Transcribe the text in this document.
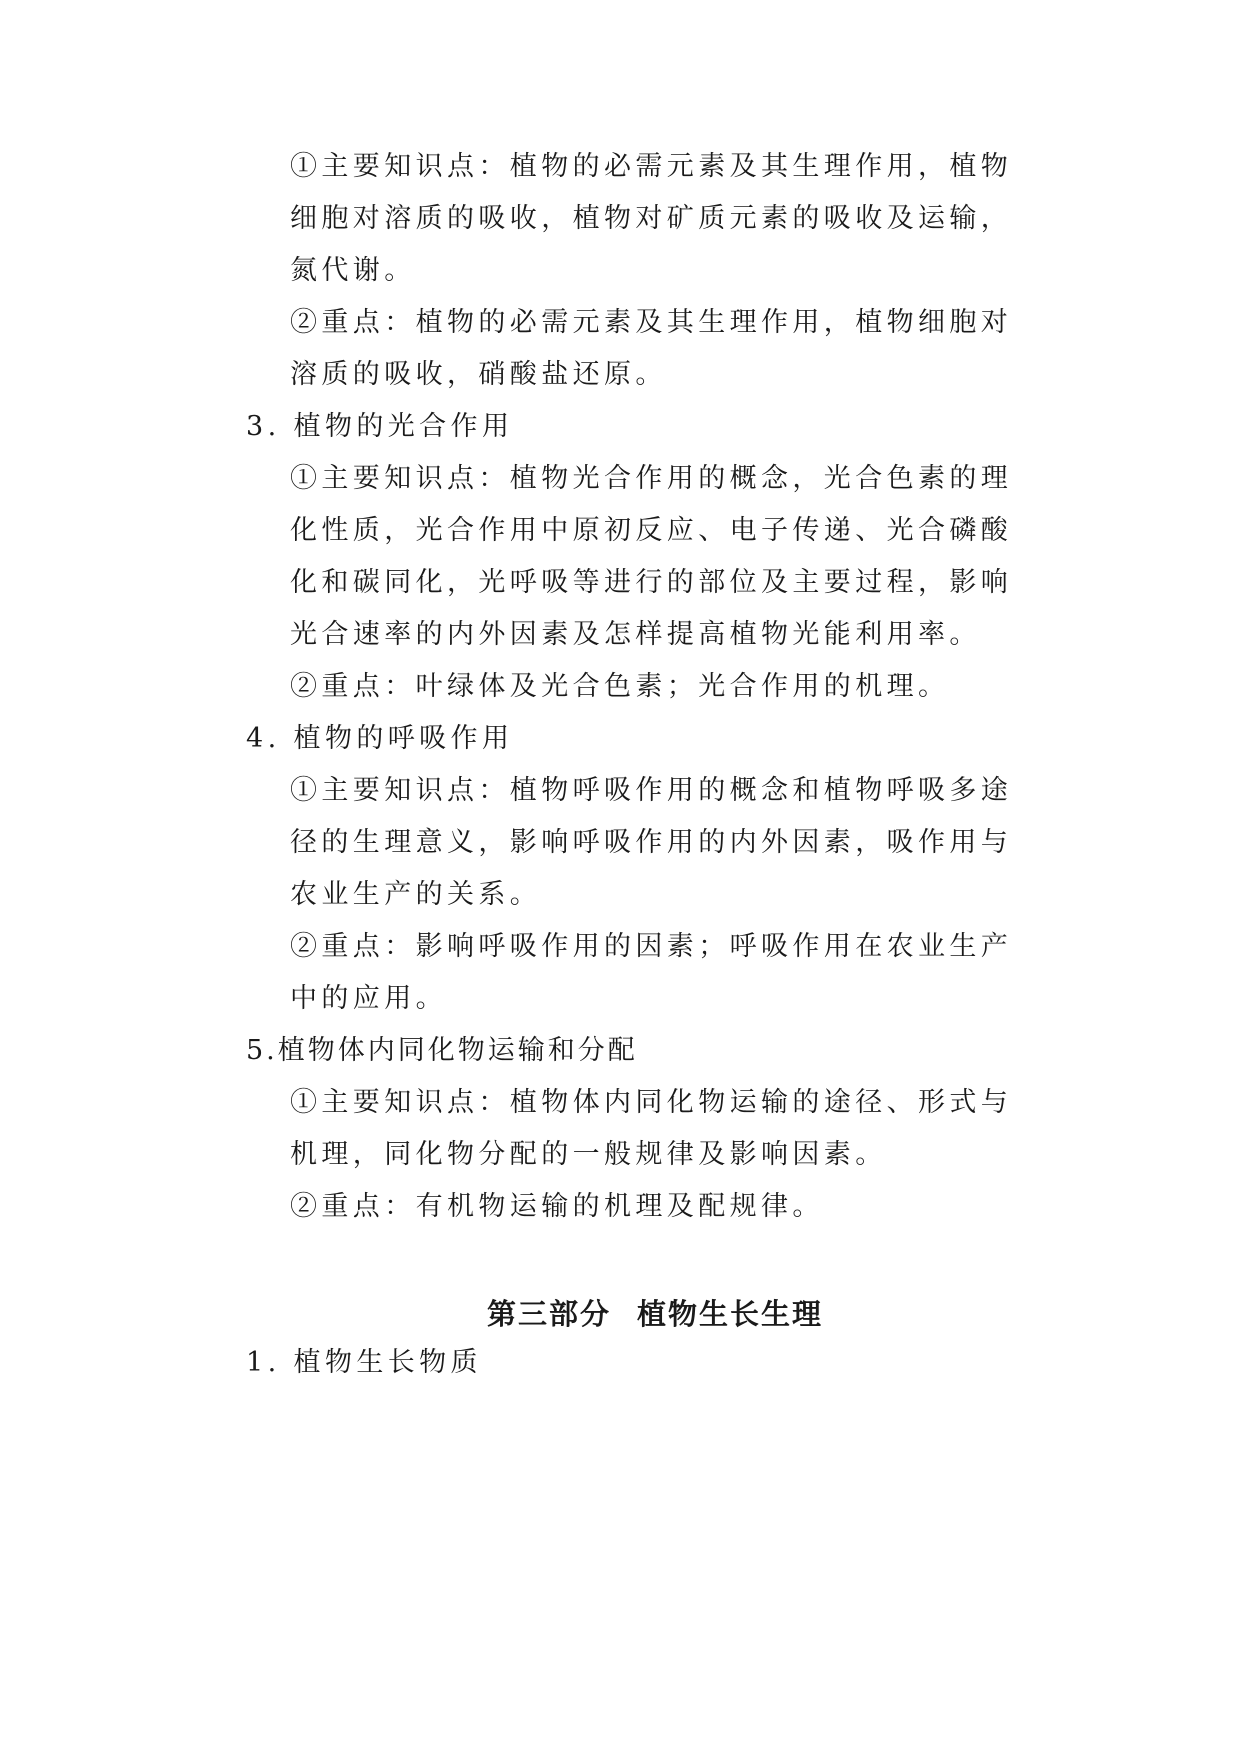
①主要知识点：植物的必需元素及其生理作用，植物
细胞对溶质的吸收，植物对矿质元素的吸收及运输，
氮代谢。
②重点：植物的必需元素及其生理作用，植物细胞对
溶质的吸收，硝酸盐还原。
3. 植物的光合作用
①主要知识点：植物光合作用的概念，光合色素的理
化性质，光合作用中原初反应、电子传递、光合磷酸
化和碳同化，光呼吸等进行的部位及主要过程，影响
光合速率的内外因素及怎样提高植物光能利用率。
②重点：叶绿体及光合色素；光合作用的机理。
4. 植物的呼吸作用
①主要知识点：植物呼吸作用的概念和植物呼吸多途
径的生理意义，影响呼吸作用的内外因素，吸作用与
农业生产的关系。
②重点：影响呼吸作用的因素；呼吸作用在农业生产
中的应用。
5.植物体内同化物运输和分配
①主要知识点：植物体内同化物运输的途径、形式与
机理，同化物分配的一般规律及影响因素。
②重点：有机物运输的机理及配规律。
第三部分 植物生长生理
1. 植物生长物质
